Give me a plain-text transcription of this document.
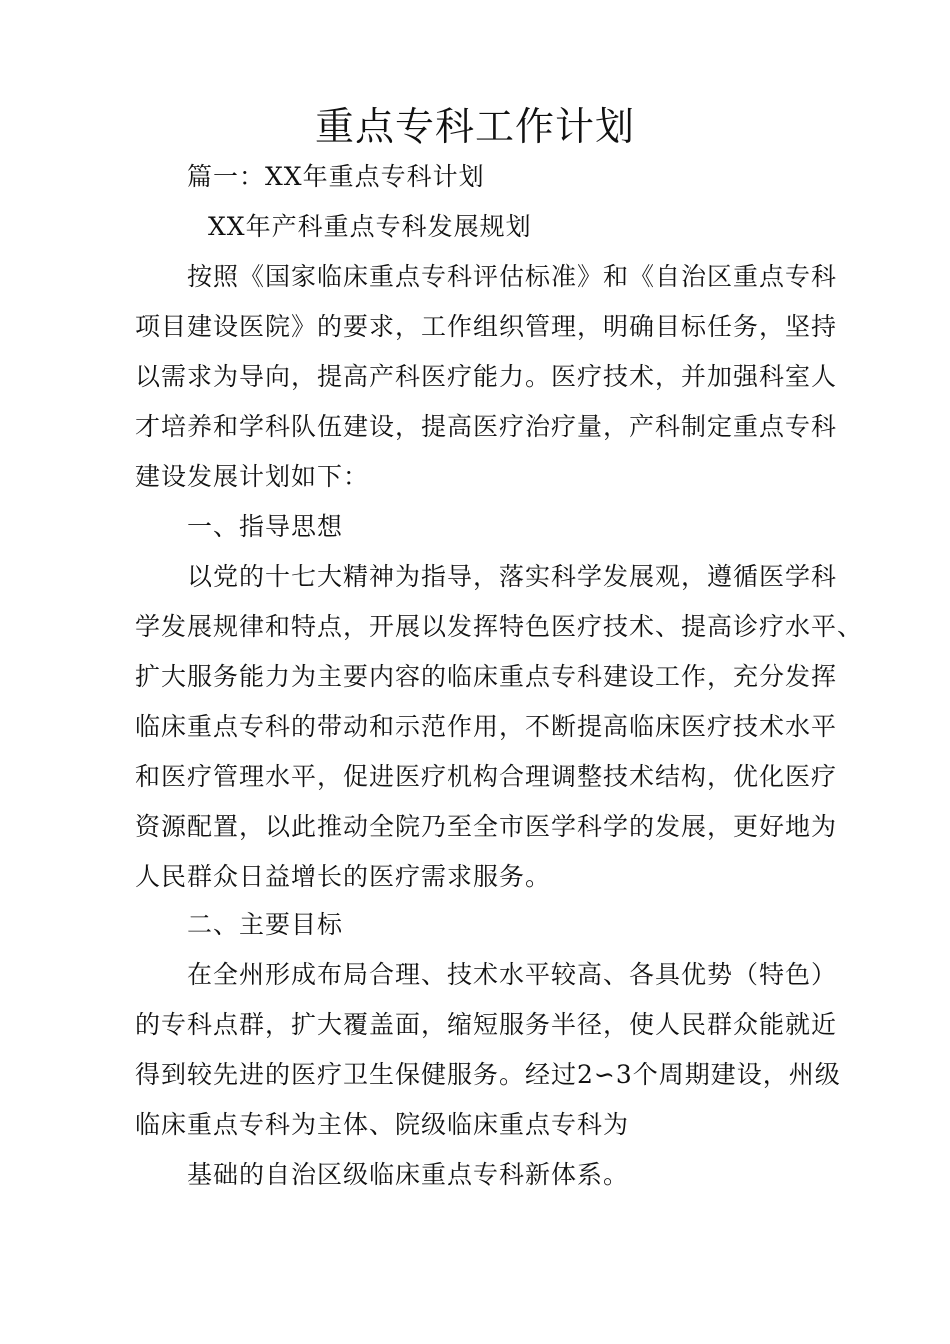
重点专科工作计划
篇一：XX年重点专科计划
XX年产科重点专科发展规划
按照《国家临床重点专科评估标准》和《自治区重点专科
项目建设医院》的要求，工作组织管理，明确目标任务，坚持
以需求为导向，提高产科医疗能力。医疗技术，并加强科室人
才培养和学科队伍建设，提高医疗治疗量，产科制定重点专科
建设发展计划如下：
一、指导思想
以党的十七大精神为指导，落实科学发展观，遵循医学科
学发展规律和特点，开展以发挥特色医疗技术、提高诊疗水平、
扩大服务能力为主要内容的临床重点专科建设工作，充分发挥
临床重点专科的带动和示范作用，不断提高临床医疗技术水平
和医疗管理水平，促进医疗机构合理调整技术结构，优化医疗
资源配置，以此推动全院乃至全市医学科学的发展，更好地为
人民群众日益增长的医疗需求服务。
二、主要目标
在全州形成布局合理、技术水平较高、各具优势（特色）
的专科点群，扩大覆盖面，缩短服务半径，使人民群众能就近
得到较先进的医疗卫生保健服务。经过2∽3个周期建设，州级
临床重点专科为主体、院级临床重点专科为
基础的自治区级临床重点专科新体系。
